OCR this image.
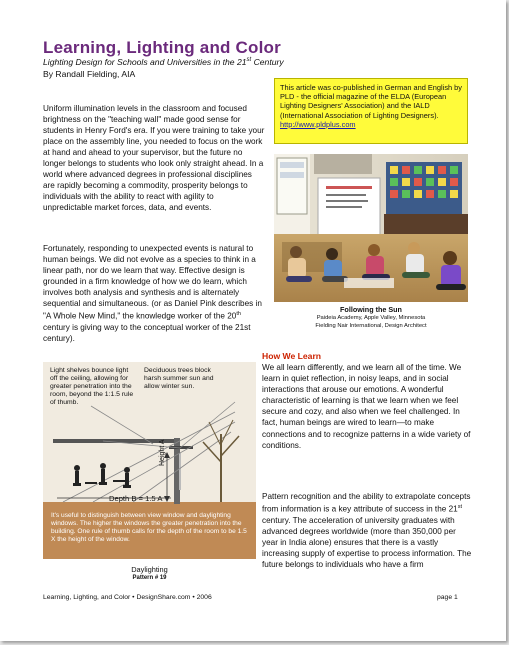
Learning, Lighting and Color
Lighting Design for Schools and Universities in the 21st Century
By Randall Fielding, AIA
This article was co-published in German and English by PLD - the official magazine of the ELDA (European Lighting Designers' Association) and the IALD (International Association of Lighting Designers).
http://www.pldplus.com
Uniform illumination levels in the classroom and focused brightness on the "teaching wall" made good sense for students in Henry Ford's era. If you were training to take your place on the assembly line, you needed to focus on the work at hand and ahead to your supervisor, but the future no longer belongs to students who look only straight ahead. In a world where advanced degrees in professional disciplines are rapidly becoming a commodity, prosperity belongs to individuals with the ability to react with agility to unpredictable market forces, data, and events.
Fortunately, responding to unexpected events is natural to human beings. We did not evolve as a species to think in a linear path, nor do we learn that way. Effective design is grounded in a firm knowledge of how we do learn, which involves both analysis and synthesis and is alternately sequential and simultaneous. (or as Daniel Pink describes in "A Whole New Mind," the knowledge worker of the 20th century is giving way to the conceptual worker of the 21st century).
Following the Sun
Paideia Academy, Apple Valley, Minnesota
Fielding Nair International, Design Architect
Light shelves bounce light off the ceiling, allowing for greater penetration into the room, beyond the 1:1.5 rule of thumb.
Deciduous trees block harsh summer sun and allow winter sun.
Height A
Depth B = 1.5 A
It's useful to distinguish between view window and daylighting windows. The higher the windows the greater penetration into the building. One rule of thumb calls for the depth of the room to be 1.5 X the height of the window.
Daylighting
Pattern # 19
How We Learn
We all learn differently, and we learn all of the time. We learn in quiet reflection, in noisy leaps, and in social interactions that arouse our emotions. A wonderful characteristic of learning is that we learn when we feel secure and cozy, and also when we feel challenged. In fact, human beings are wired to learn—to make connections and to recognize patterns in a wide variety of conditions.
Pattern recognition and the ability to extrapolate concepts from information is a key attribute of success in the 21st century. The acceleration of university graduates with advanced degrees worldwide (more than 350,000 per year in India alone) ensures that there is a vastly increasing supply of expertise to process information. The future belongs to individuals who have a firm
Learning, Lighting, and Color • DesignShare.com • 2006	page 1
